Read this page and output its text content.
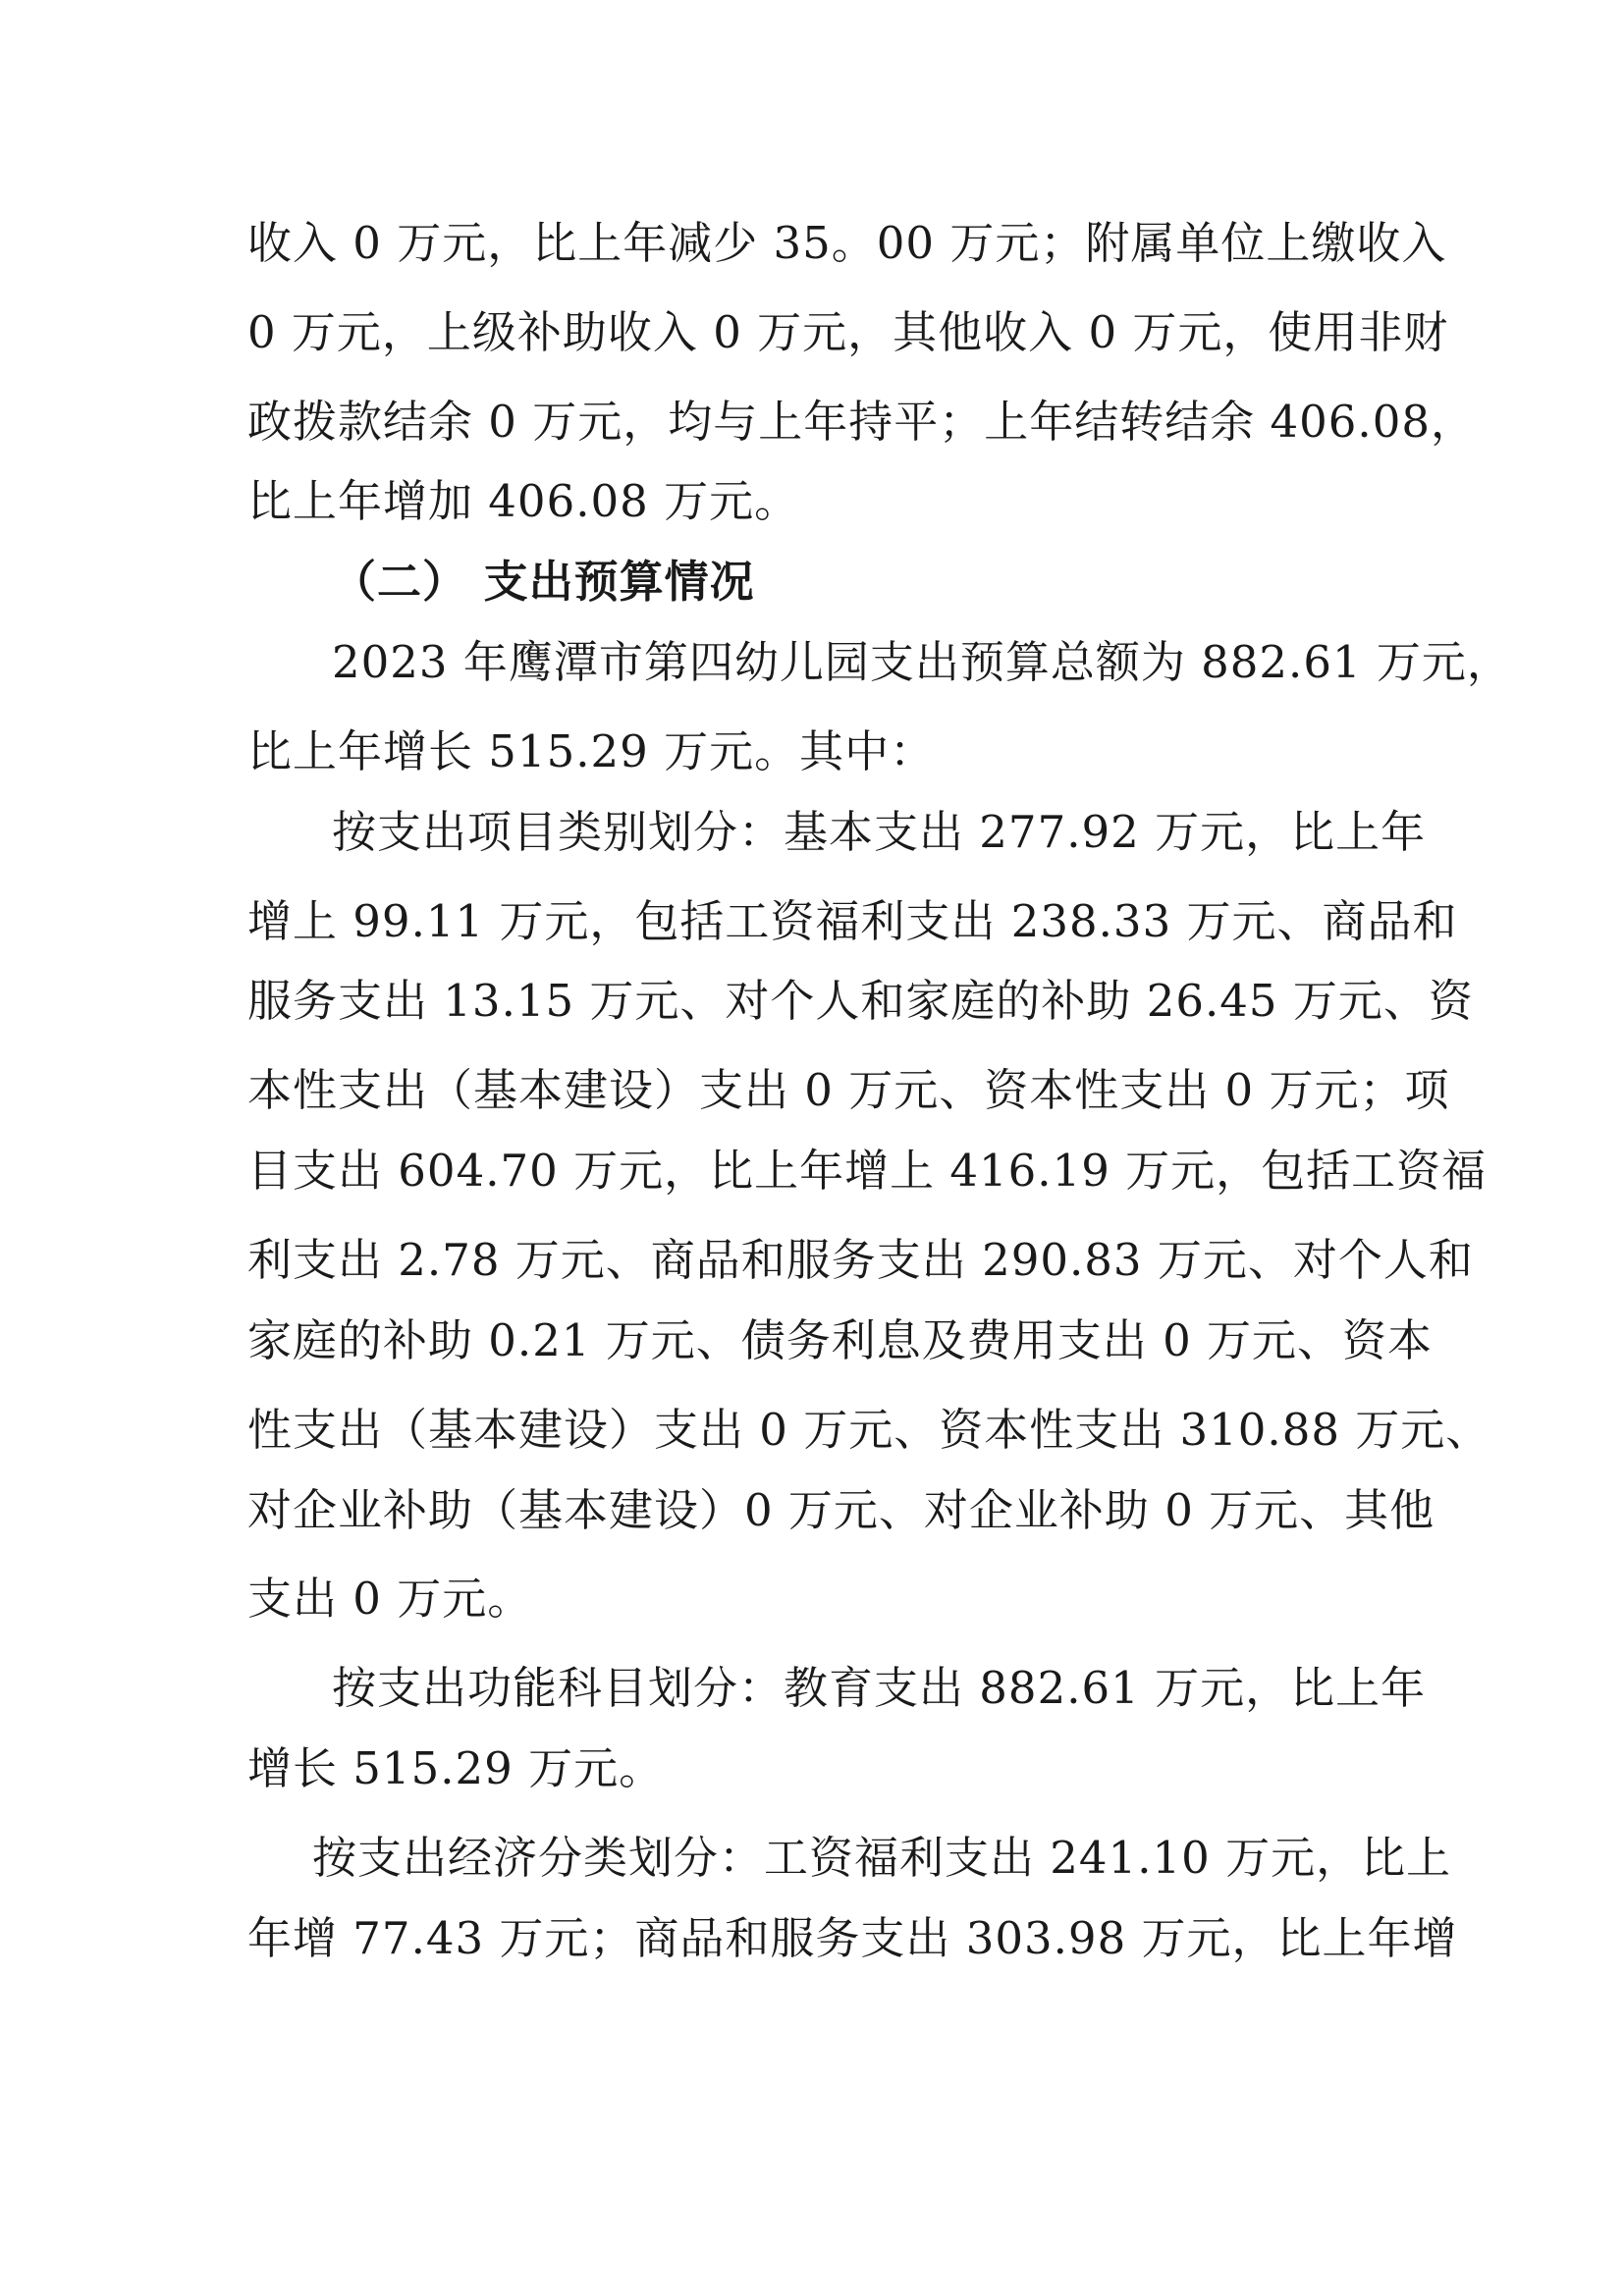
收入 0 万元，比上年减少 35。00 万元；附属单位上缴收入
0 万元，上级补助收入 0 万元，其他收入 0 万元，使用非财
政拨款结余 0 万元，均与上年持平；上年结转结余 406.08，
比上年增加 406.08 万元。
（二） 支出预算情况
2023 年鹰潭市第四幼儿园支出预算总额为 882.61 万元，
比上年增长 515.29 万元。其中：
按支出项目类别划分：基本支出 277.92 万元，比上年
增上 99.11 万元，包括工资福利支出 238.33 万元、商品和
服务支出 13.15 万元、对个人和家庭的补助 26.45 万元、资
本性支出（基本建设）支出 0 万元、资本性支出 0 万元；项
目支出 604.70 万元，比上年增上 416.19 万元，包括工资福
利支出 2.78 万元、商品和服务支出 290.83 万元、对个人和
家庭的补助 0.21 万元、债务利息及费用支出 0 万元、资本
性支出（基本建设）支出 0 万元、资本性支出 310.88 万元、
对企业补助（基本建设）0 万元、对企业补助 0 万元、其他
支出 0 万元。
按支出功能科目划分：教育支出 882.61 万元，比上年
增长 515.29 万元。
按支出经济分类划分：工资福利支出 241.10 万元，比上
年增 77.43 万元；商品和服务支出 303.98 万元，比上年增
